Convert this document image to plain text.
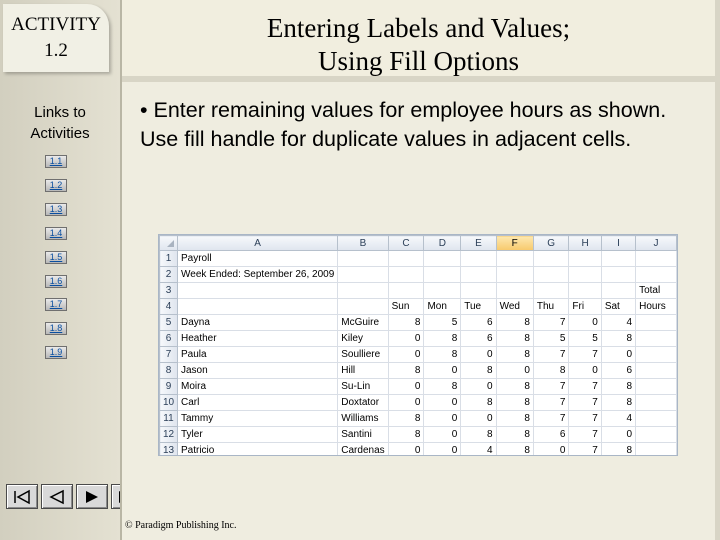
ACTIVITY
1.2
Links to
Activities
1.1
1.2
1.3
1.4
1.5
1.6
1.7
1.8
1.9
Entering Labels and Values;
Using Fill Options
• Enter remaining values for employee hours as shown. Use fill handle for duplicate values in adjacent cells.
	A	B	C	D	E	F	G	H	I	J
1	Payroll									
2	Week Ended: September 26, 2009									
3										Total
4			Sun	Mon	Tue	Wed	Thu	Fri	Sat	Hours
5	Dayna	McGuire	8	5	6	8	7	0	4	
6	Heather	Kiley	0	8	6	8	5	5	8	
7	Paula	Soulliere	0	8	0	8	7	7	0	
8	Jason	Hill	8	0	8	0	8	0	6	
9	Moira	Su-Lin	0	8	0	8	7	7	8	
10	Carl	Doxtator	0	0	8	8	7	7	8	
11	Tammy	Williams	8	0	0	8	7	7	4	
12	Tyler	Santini	8	0	8	8	6	7	0	
13	Patricio	Cardenas	0	0	4	8	0	7	8	
© Paradigm Publishing Inc.
